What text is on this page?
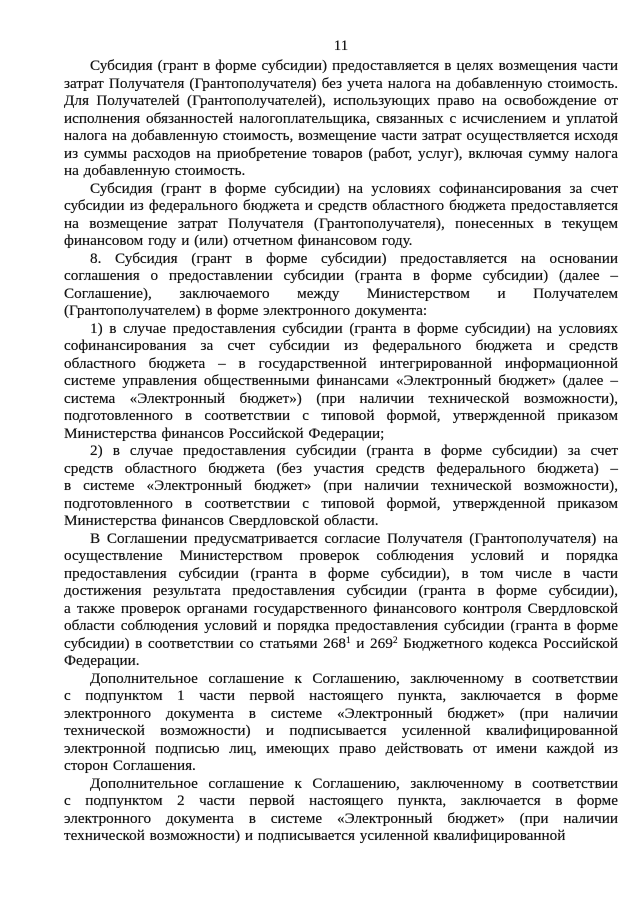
11

Субсидия (грант в форме субсидии) предоставляется в целях возмещения части затрат Получателя (Грантополучателя) без учета налога на добавленную стоимость. Для Получателей (Грантополучателей), использующих право на освобождение от исполнения обязанностей налогоплательщика, связанных с исчислением и уплатой налога на добавленную стоимость, возмещение части затрат осуществляется исходя из суммы расходов на приобретение товаров (работ, услуг), включая сумму налога на добавленную стоимость.

Субсидия (грант в форме субсидии) на условиях софинансирования за счет субсидии из федерального бюджета и средств областного бюджета предоставляется на возмещение затрат Получателя (Грантополучателя), понесенных в текущем финансовом году и (или) отчетном финансовом году.

8. Субсидия (грант в форме субсидии) предоставляется на основании соглашения о предоставлении субсидии (гранта в форме субсидии) (далее – Соглашение), заключаемого между Министерством и Получателем (Грантополучателем) в форме электронного документа:

1) в случае предоставления субсидии (гранта в форме субсидии) на условиях софинансирования за счет субсидии из федерального бюджета и средств областного бюджета – в государственной интегрированной информационной системе управления общественными финансами «Электронный бюджет» (далее – система «Электронный бюджет») (при наличии технической возможности), подготовленного в соответствии с типовой формой, утвержденной приказом Министерства финансов Российской Федерации;

2) в случае предоставления субсидии (гранта в форме субсидии) за счет средств областного бюджета (без участия средств федерального бюджета) – в системе «Электронный бюджет» (при наличии технической возможности), подготовленного в соответствии с типовой формой, утвержденной приказом Министерства финансов Свердловской области.

В Соглашении предусматривается согласие Получателя (Грантополучателя) на осуществление Министерством проверок соблюдения условий и порядка предоставления субсидии (гранта в форме субсидии), в том числе в части достижения результата предоставления субсидии (гранта в форме субсидии), а также проверок органами государственного финансового контроля Свердловской области соблюдения условий и порядка предоставления субсидии (гранта в форме субсидии) в соответствии со статьями $268^1$ и $269^2$ Бюджетного кодекса Российской Федерации.

Дополнительное соглашение к Соглашению, заключенному в соответствии с подпунктом 1 части первой настоящего пункта, заключается в форме электронного документа в системе «Электронный бюджет» (при наличии технической возможности) и подписывается усиленной квалифицированной электронной подписью лиц, имеющих право действовать от имени каждой из сторон Соглашения.

Дополнительное соглашение к Соглашению, заключенному в соответствии с подпунктом 2 части первой настоящего пункта, заключается в форме электронного документа в системе «Электронный бюджет» (при наличии технической возможности) и подписывается усиленной квалифицированной
